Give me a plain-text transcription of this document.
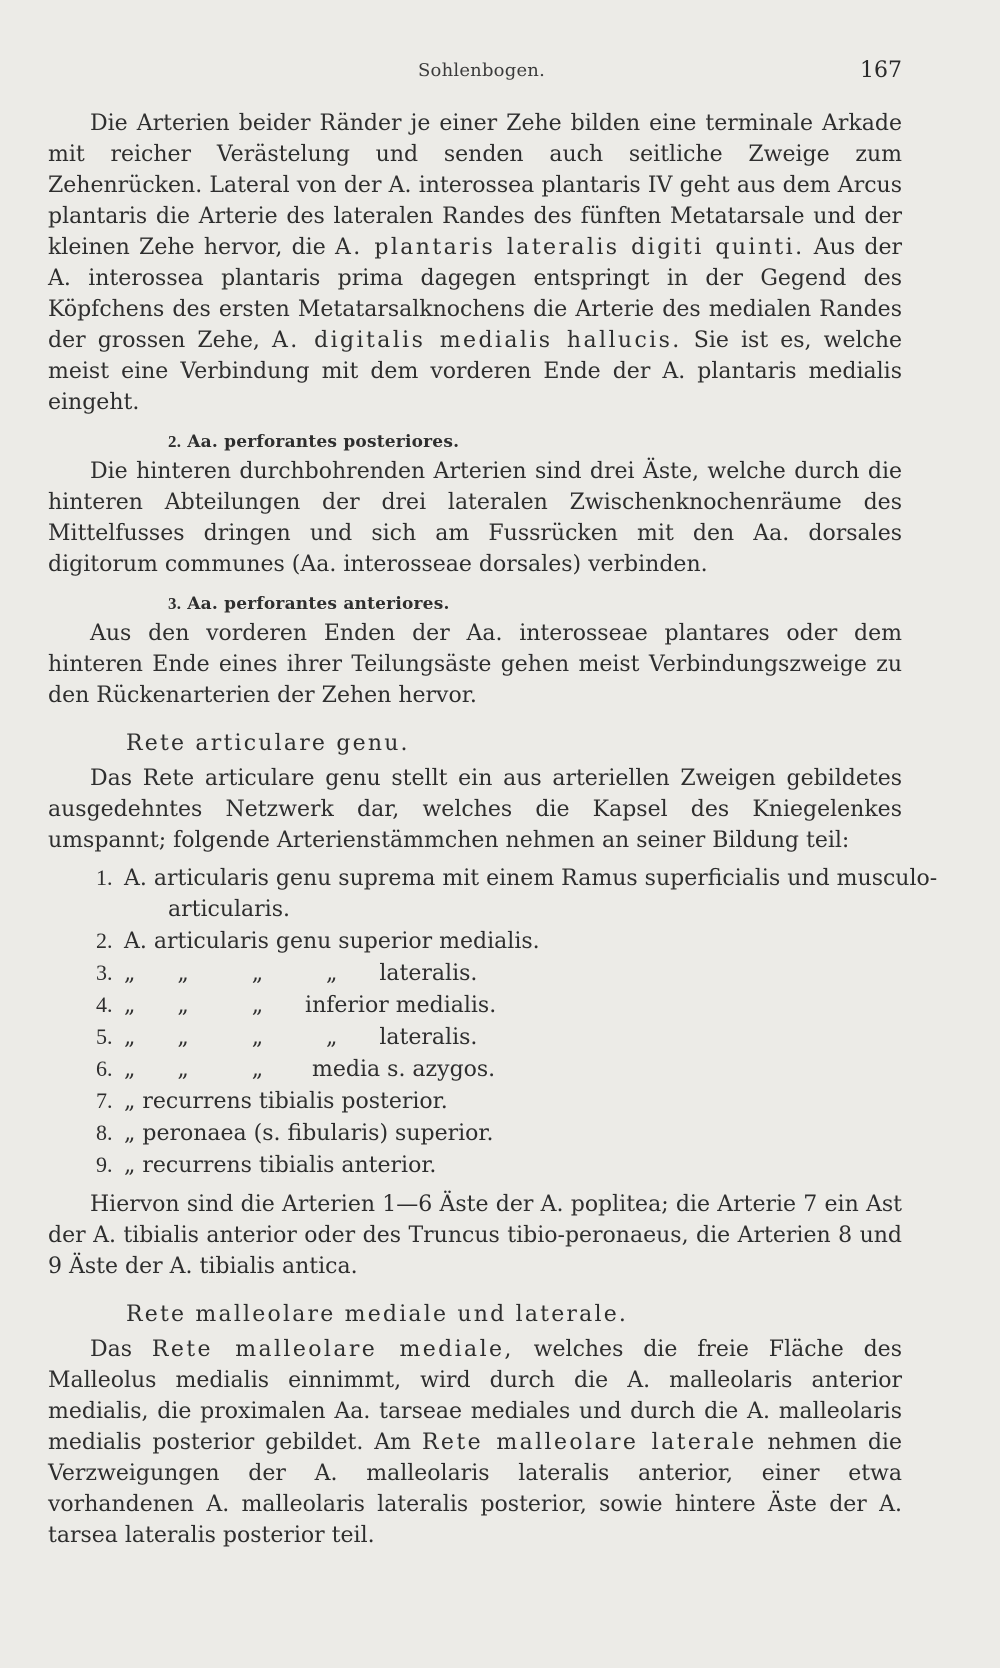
Sohlenbogen.	167

Die Arterien beider Ränder je einer Zehe bilden eine terminale Arkade mit reicher Verästelung und senden auch seitliche Zweige zum Zehenrücken. Lateral von der A. interossea plantaris IV geht aus dem Arcus plantaris die Arterie des lateralen Randes des fünften Metatarsale und der kleinen Zehe hervor, die A. plantaris lateralis digiti quinti. Aus der A. interossea plantaris prima dagegen entspringt in der Gegend des Köpfchens des ersten Metatarsalknochens die Arterie des medialen Randes der grossen Zehe, A. digitalis medialis hallucis. Sie ist es, welche meist eine Verbindung mit dem vorderen Ende der A. plantaris medialis eingeht.

2. Aa. perforantes posteriores.

Die hinteren durchbohrenden Arterien sind drei Äste, welche durch die hinteren Abteilungen der drei lateralen Zwischenknochenräume des Mittelfusses dringen und sich am Fussrücken mit den Aa. dorsales digitorum communes (Aa. interosseae dorsales) verbinden.

3. Aa. perforantes anteriores.

Aus den vorderen Enden der Aa. interosseae plantares oder dem hinteren Ende eines ihrer Teilungsäste gehen meist Verbindungszweige zu den Rückenarterien der Zehen hervor.

Rete articulare genu.

Das Rete articulare genu stellt ein aus arteriellen Zweigen gebildetes ausgedehntes Netzwerk dar, welches die Kapsel des Kniegelenkes umspannt; folgende Arterienstämmchen nehmen an seiner Bildung teil:

1. A. articularis genu suprema mit einem Ramus superficialis und musculo-
articularis.
2. A. articularis genu superior medialis.
3. „      „         „         „      lateralis.
4. „      „         „      inferior medialis.
5. „      „         „         „      lateralis.
6. „      „         „       media s. azygos.
7. „ recurrens tibialis posterior.
8. „ peronaea (s. fibularis) superior.
9. „ recurrens tibialis anterior.

Hiervon sind die Arterien 1—6 Äste der A. poplitea; die Arterie 7 ein Ast der A. tibialis anterior oder des Truncus tibio-peronaeus, die Arterien 8 und 9 Äste der A. tibialis antica.

Rete malleolare mediale und laterale.

Das Rete malleolare mediale, welches die freie Fläche des Malleolus medialis einnimmt, wird durch die A. malleolaris anterior medialis, die proximalen Aa. tarseae mediales und durch die A. malleolaris medialis posterior gebildet. Am Rete malleolare laterale nehmen die Verzweigungen der A. malleolaris lateralis anterior, einer etwa vorhandenen A. malleolaris lateralis posterior, sowie hintere Äste der A. tarsea lateralis posterior teil.
